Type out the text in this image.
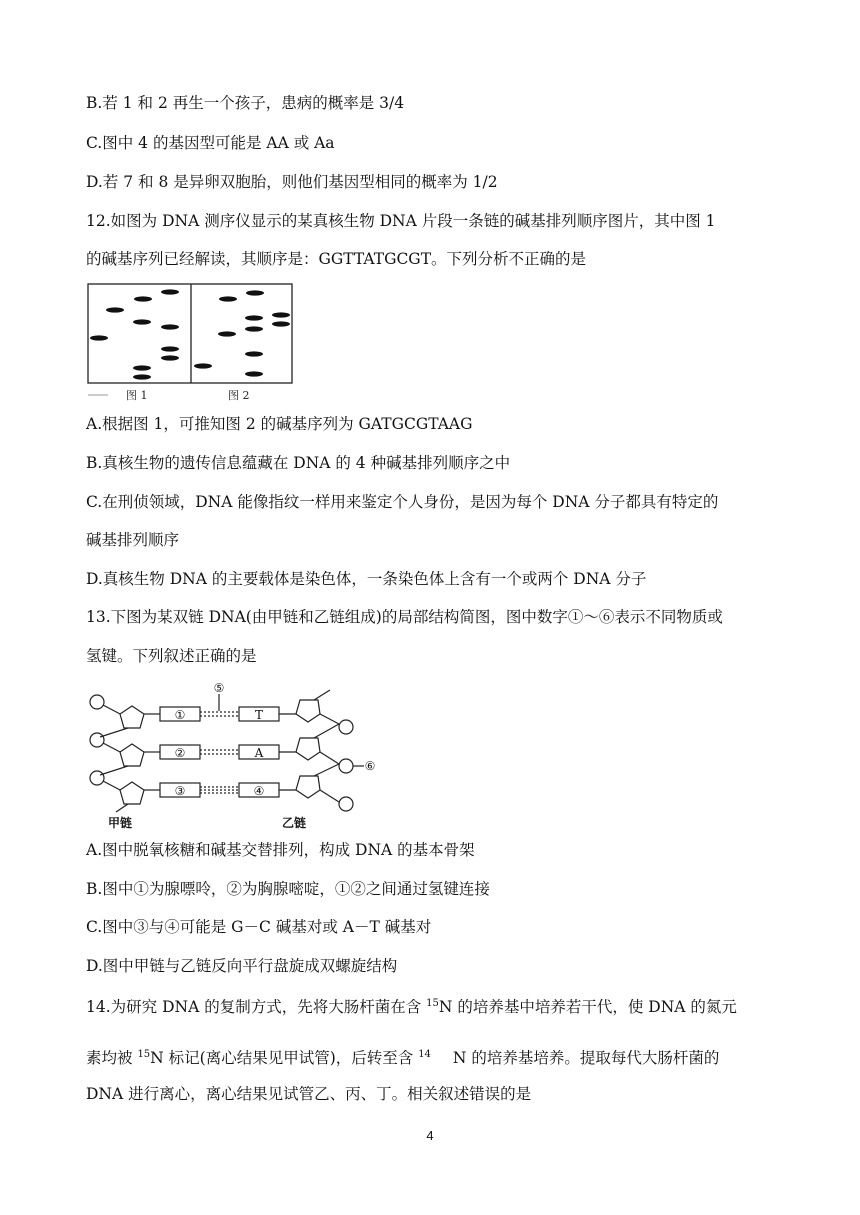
B.若 1 和 2 再生一个孩子，患病的概率是 3/4
C.图中 4 的基因型可能是 AA 或 Aa
D.若 7 和 8 是异卵双胞胎，则他们基因型相同的概率为 1/2
12.如图为 DNA 测序仪显示的某真核生物 DNA 片段一条链的碱基排列顺序图片，其中图 1
的碱基序列已经解读，其顺序是：GGTTATGCGT。下列分析不正确的是
图 1	图 2
A.根据图 1，可推知图 2 的碱基序列为 GATGCGTAAG
B.真核生物的遗传信息蕴藏在 DNA 的 4 种碱基排列顺序之中
C.在刑侦领域，DNA 能像指纹一样用来鉴定个人身份，是因为每个 DNA 分子都具有特定的
碱基排列顺序
D.真核生物 DNA 的主要载体是染色体，一条染色体上含有一个或两个 DNA 分子
13.下图为某双链 DNA(由甲链和乙链组成)的局部结构简图，图中数字①～⑥表示不同物质或
氢键。下列叙述正确的是
①
②
③
T
A
④
⑤
⑥
甲链	乙链
A.图中脱氧核糖和碱基交替排列，构成 DNA 的基本骨架
B.图中①为腺嘌呤，②为胸腺嘧啶，①②之间通过氢键连接
C.图中③与④可能是 G－C 碱基对或 A－T 碱基对
D.图中甲链与乙链反向平行盘旋成双螺旋结构
14.为研究 DNA 的复制方式，先将大肠杆菌在含 $^{15}$N 的培养基中培养若干代，使 DNA 的氮元
素均被 $^{15}$N 标记(离心结果见甲试管)，后转至含 $^{14}$ N 的培养基培养。提取每代大肠杆菌的
DNA 进行离心，离心结果见试管乙、丙、丁。相关叙述错误的是
4
